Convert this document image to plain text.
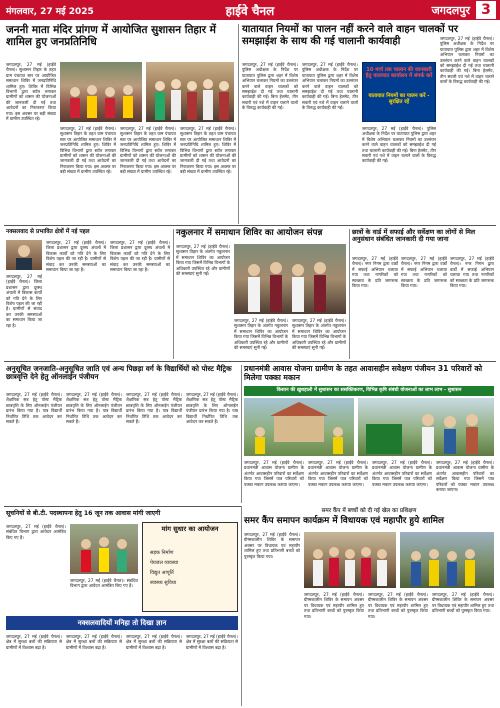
मंगलवार, 27 मई 2025	हाईवे चैनल	जगदलपुर 3
जननी माता मंदिर प्रांगण में आयोजित सुशासन तिहार में शामिल हुए जनप्रतिनिधि
जगदलपुर, 27 मई (हाईवे चैनल)। सुशासन तिहार के तहत ग्राम पंचायत स्तर पर आयोजित समाधान शिविर में जनप्रतिनिधि शामिल हुए। शिविर में विभिन्न विभागों द्वारा स्टॉल लगाकर ग्रामीणों को शासन की योजनाओं की जानकारी दी गई तथा आवेदनों का निराकरण किया गया। इस अवसर पर बड़ी संख्या में ग्रामीण उपस्थित रहे।
जगदलपुर, 27 मई (हाईवे चैनल)। सुशासन तिहार के तहत ग्राम पंचायत स्तर पर आयोजित समाधान शिविर में जनप्रतिनिधि शामिल हुए। शिविर में विभिन्न विभागों द्वारा स्टॉल लगाकर ग्रामीणों को शासन की योजनाओं की जानकारी दी गई तथा आवेदनों का निराकरण किया गया। इस अवसर पर बड़ी संख्या में ग्रामीण उपस्थित रहे।
जगदलपुर, 27 मई (हाईवे चैनल)। सुशासन तिहार के तहत ग्राम पंचायत स्तर पर आयोजित समाधान शिविर में जनप्रतिनिधि शामिल हुए। शिविर में विभिन्न विभागों द्वारा स्टॉल लगाकर ग्रामीणों को शासन की योजनाओं की जानकारी दी गई तथा आवेदनों का निराकरण किया गया। इस अवसर पर बड़ी संख्या में ग्रामीण उपस्थित रहे।
जगदलपुर, 27 मई (हाईवे चैनल)। सुशासन तिहार के तहत ग्राम पंचायत स्तर पर आयोजित समाधान शिविर में जनप्रतिनिधि शामिल हुए। शिविर में विभिन्न विभागों द्वारा स्टॉल लगाकर ग्रामीणों को शासन की योजनाओं की जानकारी दी गई तथा आवेदनों का निराकरण किया गया। इस अवसर पर बड़ी संख्या में ग्रामीण उपस्थित रहे।
यातायात नियमों का पालन नहीं करने वाले वाहन चालकों पर समझाईश के साथ की गई चालानी कार्यवाही
जगदलपुर, 27 मई (हाईवे चैनल)। पुलिस अधीक्षक के निर्देश पर यातायात पुलिस द्वारा शहर में विशेष अभियान चलाकर नियमों का उल्लंघन करने वाले वाहन चालकों को समझाईश दी गई तथा चालानी कार्यवाही की गई। बिना हेलमेट, तीन सवारी एवं नशे में वाहन चलाने वालों के विरुद्ध कार्यवाही की गई।
जगदलपुर, 27 मई (हाईवे चैनल)। पुलिस अधीक्षक के निर्देश पर यातायात पुलिस द्वारा शहर में विशेष अभियान चलाकर नियमों का उल्लंघन करने वाले वाहन चालकों को समझाईश दी गई तथा चालानी कार्यवाही की गई। बिना हेलमेट, तीन सवारी एवं नशे में वाहन चलाने वालों के विरुद्ध कार्यवाही की गई।
10 मार्च तक चालान की जानकारी हेतु यातायात कार्यालय में संपर्क करें
यातायात नियमों का पालन करें - सुरक्षित रहें
जगदलपुर, 27 मई (हाईवे चैनल)। पुलिस अधीक्षक के निर्देश पर यातायात पुलिस द्वारा शहर में विशेष अभियान चलाकर नियमों का उल्लंघन करने वाले वाहन चालकों को समझाईश दी गई तथा चालानी कार्यवाही की गई। बिना हेलमेट, तीन सवारी एवं नशे में वाहन चलाने वालों के विरुद्ध कार्यवाही की गई।
जगदलपुर, 27 मई (हाईवे चैनल)। पुलिस अधीक्षक के निर्देश पर यातायात पुलिस द्वारा शहर में विशेष अभियान चलाकर नियमों का उल्लंघन करने वाले वाहन चालकों को समझाईश दी गई तथा चालानी कार्यवाही की गई। बिना हेलमेट, तीन सवारी एवं नशे में वाहन चलाने वालों के विरुद्ध कार्यवाही की गई।
नक्सलवाद से प्रभावित क्षेत्रों में नई पहल
जगदलपुर, 27 मई (हाईवे चैनल)। जिला प्रशासन द्वारा दूरस्थ अंचलों में विकास कार्यों को गति देने के लिए विशेष पहल की जा रही है। ग्रामीणों से संवाद कर उनकी समस्याओं का समाधान किया जा रहा है।
जगदलपुर, 27 मई (हाईवे चैनल)। जिला प्रशासन द्वारा दूरस्थ अंचलों में विकास कार्यों को गति देने के लिए विशेष पहल की जा रही है। ग्रामीणों से संवाद कर उनकी समस्याओं का समाधान किया जा रहा है।
जगदलपुर, 27 मई (हाईवे चैनल)। जिला प्रशासन द्वारा दूरस्थ अंचलों में विकास कार्यों को गति देने के लिए विशेष पहल की जा रही है। ग्रामीणों से संवाद कर उनकी समस्याओं का समाधान किया जा रहा है।
नकुलनार में समाधान शिविर का आयोजन संपन्न
जगदलपुर, 27 मई (हाईवे चैनल)। सुशासन तिहार के अंतर्गत नकुलनार में समाधान शिविर का आयोजन किया गया जिसमें विभिन्न विभागों के अधिकारी उपस्थित रहे और ग्रामीणों की समस्याएं सुनी गईं।
जगदलपुर, 27 मई (हाईवे चैनल)। सुशासन तिहार के अंतर्गत नकुलनार में समाधान शिविर का आयोजन किया गया जिसमें विभिन्न विभागों के अधिकारी उपस्थित रहे और ग्रामीणों की समस्याएं सुनी गईं।
जगदलपुर, 27 मई (हाईवे चैनल)। सुशासन तिहार के अंतर्गत नकुलनार में समाधान शिविर का आयोजन किया गया जिसमें विभिन्न विभागों के अधिकारी उपस्थित रहे और ग्रामीणों की समस्याएं सुनी गईं।
छात्रों के वार्ड में सफाई और सर्वेक्षण का लोगों से मिल अनुसंधान संबंधित जानकारी दी गया जाना
जगदलपुर, 27 मई (हाईवे चैनल)। नगर निगम द्वारा वार्डों में सफाई अभियान चलाया गया तथा नागरिकों को स्वच्छता के प्रति जागरूक किया गया।
जगदलपुर, 27 मई (हाईवे चैनल)। नगर निगम द्वारा वार्डों में सफाई अभियान चलाया गया तथा नागरिकों को स्वच्छता के प्रति जागरूक किया गया।
जगदलपुर, 27 मई (हाईवे चैनल)। नगर निगम द्वारा वार्डों में सफाई अभियान चलाया गया तथा नागरिकों को स्वच्छता के प्रति जागरूक किया गया।
अनुसूचित जनजाति-अनुसूचित जाति एवं अन्य पिछड़ा वर्ग के विद्यार्थियों को पोस्ट मैट्रिक छात्रवृत्ति देने हेतु ऑनलाईन पंजीयन
जगदलपुर, 27 मई (हाईवे चैनल)। शैक्षणिक सत्र हेतु पोस्ट मैट्रिक छात्रवृत्ति के लिए ऑनलाईन पंजीयन प्रारंभ किया गया है। पात्र विद्यार्थी निर्धारित तिथि तक आवेदन कर सकते हैं।
जगदलपुर, 27 मई (हाईवे चैनल)। शैक्षणिक सत्र हेतु पोस्ट मैट्रिक छात्रवृत्ति के लिए ऑनलाईन पंजीयन प्रारंभ किया गया है। पात्र विद्यार्थी निर्धारित तिथि तक आवेदन कर सकते हैं।
जगदलपुर, 27 मई (हाईवे चैनल)। शैक्षणिक सत्र हेतु पोस्ट मैट्रिक छात्रवृत्ति के लिए ऑनलाईन पंजीयन प्रारंभ किया गया है। पात्र विद्यार्थी निर्धारित तिथि तक आवेदन कर सकते हैं।
जगदलपुर, 27 मई (हाईवे चैनल)। शैक्षणिक सत्र हेतु पोस्ट मैट्रिक छात्रवृत्ति के लिए ऑनलाईन पंजीयन प्रारंभ किया गया है। पात्र विद्यार्थी निर्धारित तिथि तक आवेदन कर सकते हैं।
प्रधानमंत्री आवास योजना ग्रामीण के तहत आवासहीन सवेक्षण पंजीयन 31 परिवारों को मिलेगा पक्का मकान
किसान की ख़ुशहाली में सुशासन का ससक्तिकरण, विभिन्न कृषि संबंधी योजनाओं का लाभ लाभ - सुशासन
जगदलपुर, 27 मई (हाईवे चैनल)। प्रधानमंत्री आवास योजना ग्रामीण के अंतर्गत आवासहीन परिवारों का सर्वेक्षण किया गया जिसमें पात्र परिवारों को पक्का मकान उपलब्ध कराया जाएगा।
जगदलपुर, 27 मई (हाईवे चैनल)। प्रधानमंत्री आवास योजना ग्रामीण के अंतर्गत आवासहीन परिवारों का सर्वेक्षण किया गया जिसमें पात्र परिवारों को पक्का मकान उपलब्ध कराया जाएगा।
जगदलपुर, 27 मई (हाईवे चैनल)। प्रधानमंत्री आवास योजना ग्रामीण के अंतर्गत आवासहीन परिवारों का सर्वेक्षण किया गया जिसमें पात्र परिवारों को पक्का मकान उपलब्ध कराया जाएगा।
जगदलपुर, 27 मई (हाईवे चैनल)। प्रधानमंत्री आवास योजना ग्रामीण के अंतर्गत आवासहीन परिवारों का सर्वेक्षण किया गया जिसमें पात्र परिवारों को पक्का मकान उपलब्ध कराया जाएगा।
सूचनियों से बी.टी. पदस्थापना हेतु 16 जून तक आवास मांगी जाएगी
जगदलपुर, 27 मई (हाईवे चैनल)। संबंधित विभाग द्वारा आवेदन आमंत्रित किए गए हैं।
जगदलपुर, 27 मई (हाईवे चैनल)। संबंधित विभाग द्वारा आवेदन आमंत्रित किए गए हैं।
मांग सुधार का आयोजन
सड़क निर्माण
पेयजल व्यवस्था
विद्युत आपूर्ति
स्वास्थ्य सुविधा
नक्सलवादियों मनिहा तो दिखा ज्ञान
जगदलपुर, 27 मई (हाईवे चैनल)। क्षेत्र में सुरक्षा बलों की सक्रियता से ग्रामीणों में विश्वास बढ़ा है।
जगदलपुर, 27 मई (हाईवे चैनल)। क्षेत्र में सुरक्षा बलों की सक्रियता से ग्रामीणों में विश्वास बढ़ा है।
जगदलपुर, 27 मई (हाईवे चैनल)। क्षेत्र में सुरक्षा बलों की सक्रियता से ग्रामीणों में विश्वास बढ़ा है।
जगदलपुर, 27 मई (हाईवे चैनल)। क्षेत्र में सुरक्षा बलों की सक्रियता से ग्रामीणों में विश्वास बढ़ा है।
समर कैंप में बच्चों को दी गई खेल का प्रशिक्षण
समर कैंप समापन कार्यक्रम में विधायक एवं महापौर हुये शामिल
जगदलपुर, 27 मई (हाईवे चैनल)। ग्रीष्मकालीन शिविर के समापन अवसर पर विधायक एवं महापौर शामिल हुए तथा प्रतिभागी बच्चों को पुरस्कृत किया गया।
जगदलपुर, 27 मई (हाईवे चैनल)। ग्रीष्मकालीन शिविर के समापन अवसर पर विधायक एवं महापौर शामिल हुए तथा प्रतिभागी बच्चों को पुरस्कृत किया गया।
जगदलपुर, 27 मई (हाईवे चैनल)। ग्रीष्मकालीन शिविर के समापन अवसर पर विधायक एवं महापौर शामिल हुए तथा प्रतिभागी बच्चों को पुरस्कृत किया गया।
जगदलपुर, 27 मई (हाईवे चैनल)। ग्रीष्मकालीन शिविर के समापन अवसर पर विधायक एवं महापौर शामिल हुए तथा प्रतिभागी बच्चों को पुरस्कृत किया गया।
